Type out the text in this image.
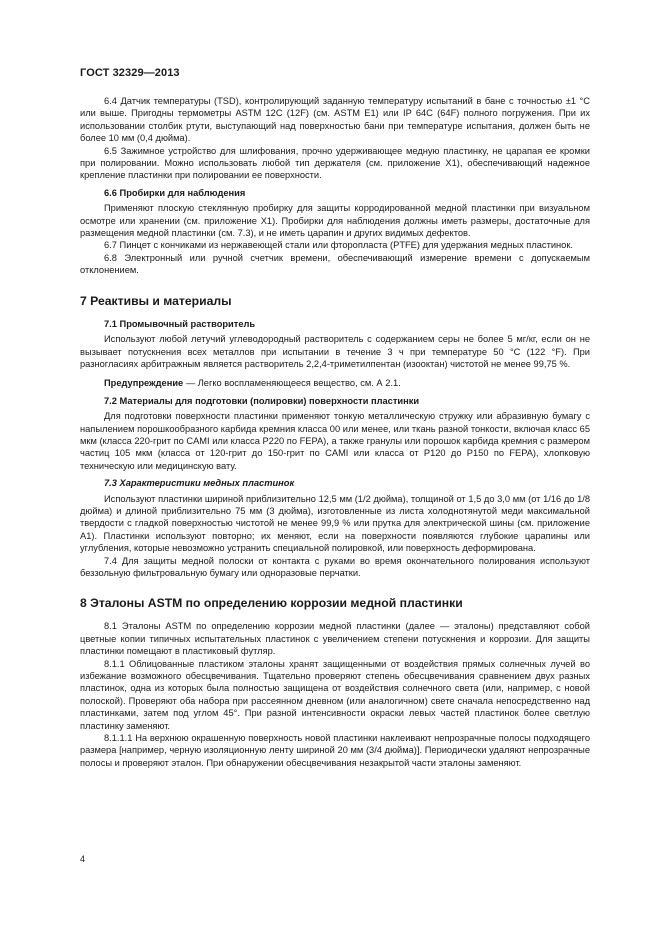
ГОСТ 32329—2013

6.4 Датчик температуры (TSD), контролирующий заданную температуру испытаний в бане с точностью ±1 °С или выше. Пригодны термометры ASTM 12C (12F) (см. ASTM E1) или IP 64C (64F) полного погружения. При их использовании столбик ртути, выступающий над поверхностью бани при температуре испытания, должен быть не более 10 мм (0,4 дюйма).

6.5 Зажимное устройство для шлифования, прочно удерживающее медную пластинку, не царапая ее кромки при полировании. Можно использовать любой тип держателя (см. приложение Х1), обеспечивающий надежное крепление пластинки при полировании ее поверхности.

6.6 Пробирки для наблюдения

Применяют плоскую стеклянную пробирку для защиты корродированной медной пластинки при визуальном осмотре или хранении (см. приложение Х1). Пробирки для наблюдения должны иметь размеры, достаточные для размещения медной пластинки (см. 7.3), и не иметь царапин и других видимых дефектов.

6.7 Пинцет с кончиками из нержавеющей стали или фторопласта (PTFE) для удержания медных пластинок.

6.8 Электронный или ручной счетчик времени, обеспечивающий измерение времени с допускаемым отклонением.

7 Реактивы и материалы
7.1 Промывочный растворитель

Используют любой летучий углеводородный растворитель с содержанием серы не более 5 мг/кг, если он не вызывает потускнения всех металлов при испытании в течение 3 ч при температуре 50 °С (122 °F). При разногласиях арбитражным является растворитель 2,2,4-триметилпентан (изооктан) чистотой не менее 99,75 %.

Предупреждение — Легко воспламеняющееся вещество, см. А 2.1.

7.2 Материалы для подготовки (полировки) поверхности пластинки

Для подготовки поверхности пластинки применяют тонкую металлическую стружку или абразивную бумагу с напылением порошкообразного карбида кремния класса 00 или менее, или ткань разной тонкости, включая класс 65 мкм (класса 220-грит по CAMI или класса P220 по FEPA), а также гранулы или порошок карбида кремния с размером частиц 105 мкм (класса от 120-грит до 150-грит по CAMI или класса от P120 до P150 по FEPA), хлопковую техническую или медицинскую вату.

7.3 Характеристики медных пластинок

Используют пластинки шириной приблизительно 12,5 мм (1/2 дюйма), толщиной от 1,5 до 3,0 мм (от 1/16 до 1/8 дюйма) и длиной приблизительно 75 мм (3 дюйма), изготовленные из листа холоднотянутой меди максимальной твердости с гладкой поверхностью чистотой не менее 99,9 % или прутка для электрической шины (см. приложение А1). Пластинки используют повторно; их меняют, если на поверхности появляются глубокие царапины или углубления, которые невозможно устранить специальной полировкой, или поверхность деформирована.

7.4 Для защиты медной полоски от контакта с руками во время окончательного полирования используют беззольную фильтровальную бумагу или одноразовые перчатки.

8 Эталоны ASTM по определению коррозии медной пластинки

8.1 Эталоны ASTM по определению коррозии медной пластинки (далее — эталоны) представляют собой цветные копии типичных испытательных пластинок с увеличением степени потускнения и коррозии. Для защиты пластинки помещают в пластиковый футляр.

8.1.1 Облицованные пластиком эталоны хранят защищенными от воздействия прямых солнечных лучей во избежание возможного обесцвечивания. Тщательно проверяют степень обесцвечивания сравнением двух разных пластинок, одна из которых была полностью защищена от воздействия солнечного света (или, например, с новой полоской). Проверяют оба набора при рассеянном дневном (или аналогичном) свете сначала непосредственно над пластинками, затем под углом 45°. При разной интенсивности окраски левых частей пластинок более светлую пластинку заменяют.

8.1.1.1 На верхнюю окрашенную поверхность новой пластинки наклеивают непрозрачные полосы подходящего размера [например, черную изоляционную ленту шириной 20 мм (3/4 дюйма)]. Периодически удаляют непрозрачные полосы и проверяют эталон. При обнаружении обесцвечивания незакрытой части эталоны заменяют.

4
